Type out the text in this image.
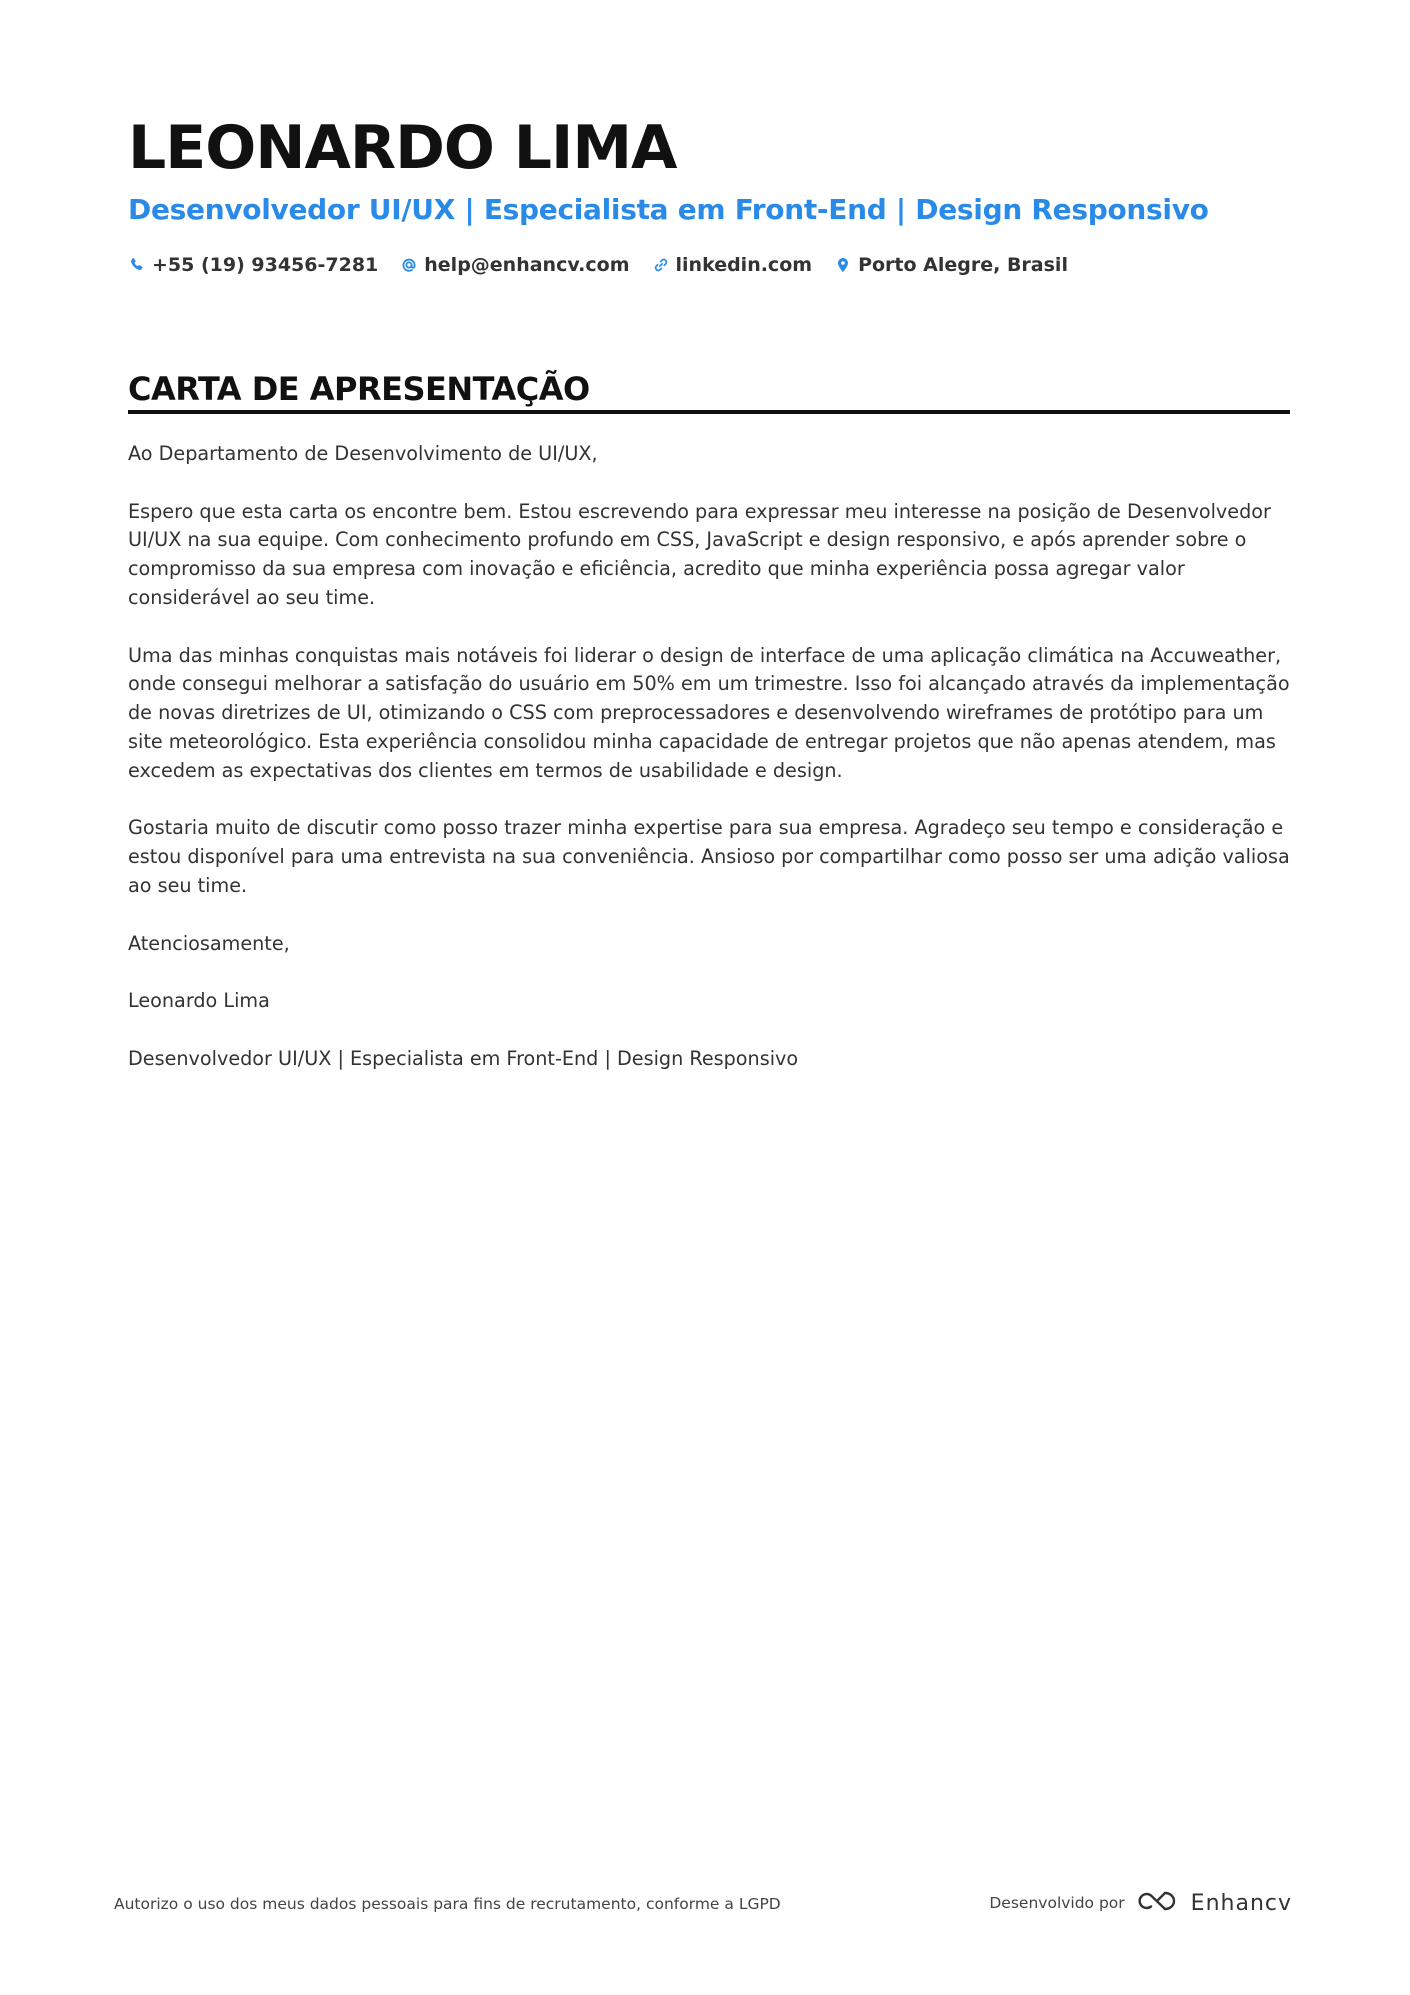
LEONARDO LIMA
Desenvolvedor UI/UX | Especialista em Front-End | Design Responsivo
+55 (19) 93456-7281 help@enhancv.com linkedin.com Porto Alegre, Brasil
CARTA DE APRESENTAÇÃO

Ao Departamento de Desenvolvimento de UI/UX,

Espero que esta carta os encontre bem. Estou escrevendo para expressar meu interesse na posição de Desenvolvedor UI/UX na sua equipe. Com conhecimento profundo em CSS, JavaScript e design responsivo, e após aprender sobre o compromisso da sua empresa com inovação e eficiência, acredito que minha experiência possa agregar valor considerável ao seu time.

Uma das minhas conquistas mais notáveis foi liderar o design de interface de uma aplicação climática na Accuweather, onde consegui melhorar a satisfação do usuário em 50% em um trimestre. Isso foi alcançado através da implementação de novas diretrizes de UI, otimizando o CSS com preprocessadores e desenvolvendo wireframes de protótipo para um site meteorológico. Esta experiência consolidou minha capacidade de entregar projetos que não apenas atendem, mas excedem as expectativas dos clientes em termos de usabilidade e design.

Gostaria muito de discutir como posso trazer minha expertise para sua empresa. Agradeço seu tempo e consideração e estou disponível para uma entrevista na sua conveniência. Ansioso por compartilhar como posso ser uma adição valiosa ao seu time.

Atenciosamente,

Leonardo Lima

Desenvolvedor UI/UX | Especialista em Front-End | Design Responsivo

Autorizo o uso dos meus dados pessoais para fins de recrutamento, conforme a LGPD	Desenvolvido por	Enhancv
